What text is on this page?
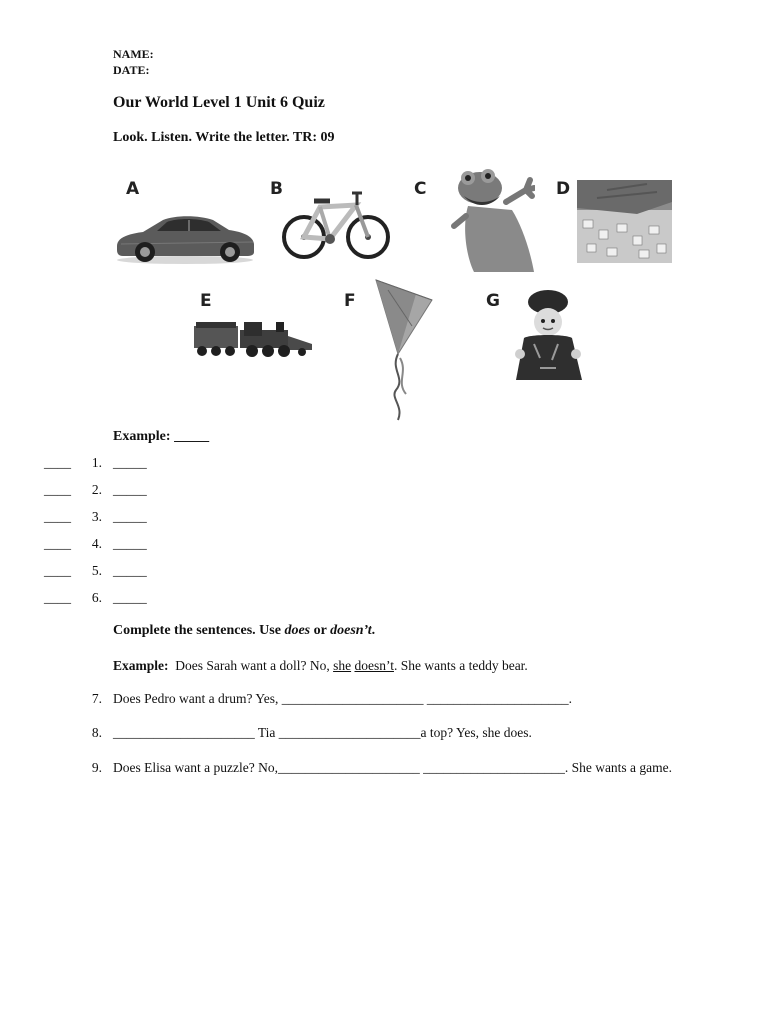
NAME:
DATE:
Our World Level 1 Unit 6 Quiz
Look. Listen. Write the letter. TR: 09
A	B	C	D
E	F	G
Example: _____
____	1. _____
____	2. _____
____	3. _____
____	4. _____
____	5. _____
____	6. _____
Complete the sentences. Use does or doesn’t.
Example: Does Sarah want a doll? No, she doesn’t. She wants a teddy bear.
7. Does Pedro want a drum? Yes, _____________________ _____________________.
8. _____________________ Tia _____________________a top? Yes, she does.
9. Does Elisa want a puzzle? No,_____________________ _____________________. She wants a game.
